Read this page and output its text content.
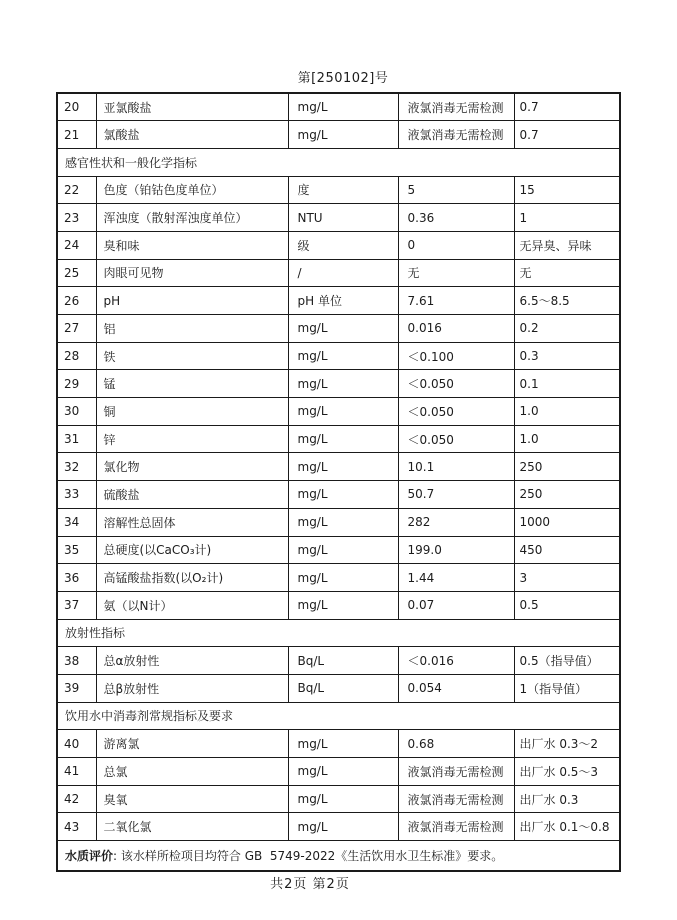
第[250102]号
20	亚氯酸盐	mg/L	液氯消毒无需检测	0.7
21	氯酸盐	mg/L	液氯消毒无需检测	0.7
感官性状和一般化学指标				
22	色度（铂钴色度单位）	度	5	15
23	浑浊度（散射浑浊度单位）	NTU	0.36	1
24	臭和味	级	0	无异臭、异味
25	肉眼可见物	/	无	无
26	pH	pH 单位	7.61	6.5～8.5
27	铝	mg/L	0.016	0.2
28	铁	mg/L	＜0.100	0.3
29	锰	mg/L	＜0.050	0.1
30	铜	mg/L	＜0.050	1.0
31	锌	mg/L	＜0.050	1.0
32	氯化物	mg/L	10.1	250
33	硫酸盐	mg/L	50.7	250
34	溶解性总固体	mg/L	282	1000
35	总硬度(以CaCO₃计)	mg/L	199.0	450
36	高锰酸盐指数(以O₂计)	mg/L	1.44	3
37	氨（以N计）	mg/L	0.07	0.5
放射性指标				
38	总α放射性	Bq/L	＜0.016	0.5（指导值）
39	总β放射性	Bq/L	0.054	1（指导值）
饮用水中消毒剂常规指标及要求				
40	游离氯	mg/L	0.68	出厂水 0.3～2
41	总氯	mg/L	液氯消毒无需检测	出厂水 0.5～3
42	臭氧	mg/L	液氯消毒无需检测	出厂水 0.3
43	二氧化氯	mg/L	液氯消毒无需检测	出厂水 0.1～0.8
水质评价: 该水样所检项目均符合 GB  5749-2022《生活饮用水卫生标准》要求。				
共2页 第2页
